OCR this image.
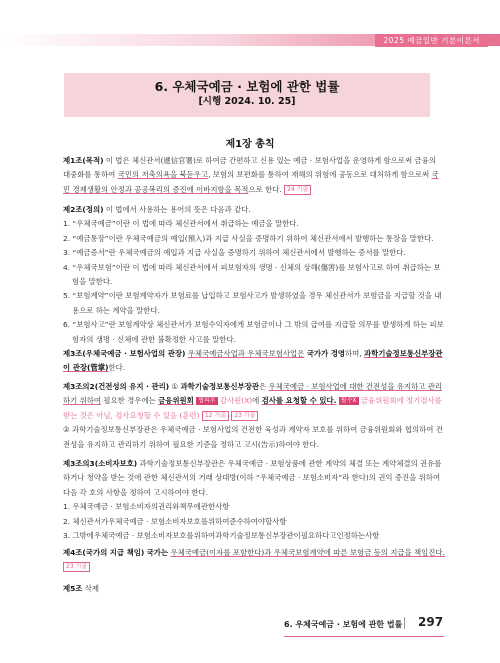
2025 예금일반 기본이론서
6. 우체국예금 · 보험에 관한 법률
[시행 2024. 10. 25]
제1장 총칙
제1조(목적) 이 법은 체신관서(遞信官署)로 하여금 간편하고 신용 있는 예금 · 보험사업을 운영하게 함으로써 금융의 대중화를 통하여 국민의 저축의욕을 북돋우고, 보험의 보편화를 통하여 재해의 위험에 공동으로 대처하게 함으로써 국민 경제생활의 안정과 공공복리의 증진에 이바지함을 목적으로 한다. 24 기출
제2조(정의) 이 법에서 사용하는 용어의 뜻은 다음과 같다.
1. “우체국예금”이란 이 법에 따라 체신관서에서 취급하는 예금을 말한다.
2. “예금통장”이란 우체국예금의 예입(預入)과 지급 사실을 증명하기 위하여 체신관서에서 발행하는 통장을 말한다.
3. “예금증서”란 우체국예금의 예입과 지급 사실을 증명하기 위하여 체신관서에서 발행하는 증서를 말한다.
4. “우체국보험”이란 이 법에 따라 체신관서에서 피보험자의 생명 · 신체의 상해(傷害)를 보험사고로 하여 취급하는 보험을 말한다.
5. “보험계약”이란 보험계약자가 보험료를 납입하고 보험사고가 발생하였을 경우 체신관서가 보험금을 지급할 것을 내용으로 하는 계약을 말한다.
6. “보험사고”란 보험계약상 체신관서가 보험수익자에게 보험금이나 그 밖의 급여를 지급할 의무를 발생하게 하는 피보험자의 생명 · 신체에 관한 불확정한 사고를 말한다.
제3조(우체국예금 · 보험사업의 관장) 우체국예금사업과 우체국보험사업은 국가가 경영하며, 과학기술정보통신부장관이 관장(管掌)한다.
제3조의2(건전성의 유지 · 관리) ① 과학기술정보통신부장관은 우체국예금 · 보험사업에 대한 건전성을 유지하고 관리하기 위하여 필요한 경우에는 금융위원회 협의후 감사원(X)에 검사를 요청할 수 있다. 필수X 금융위원회에 정기검사를 받는 것은 아님, 검사요청할 수 있음 (훈련) 12 기출 23 기출
② 과학기술정보통신부장관은 우체국예금 · 보험사업의 건전한 육성과 계약자 보호를 위하여 금융위원회와 협의하여 건전성을 유지하고 관리하기 위하여 필요한 기준을 정하고 고시(告示)하여야 한다.
제3조의3(소비자보호) 과학기술정보통신부장관은 우체국예금 · 보험상품에 관한 계약의 체결 또는 계약체결의 권유를 하거나 청약을 받는 것에 관한 체신관서의 거래 상대방(이하 “우체국예금 · 보험소비자”라 한다)의 권익 증진을 위하여 다음 각 호의 사항을 정하여 고시하여야 한다.
1. 우체국예금 · 보험소비자의권리와책무에관한사항
2. 체신관서가우체국예금 · 보험소비자보호를위하여준수하여야할사항
3. 그밖에우체국예금 · 보험소비자보호를위하여과학기술정보통신부장관이필요하다고인정하는사항
제4조(국가의 지급 책임) 국가는 우체국예금(이자를 포함한다)과 우체국보험계약에 따른 보험금 등의 지급을 책임진다. 23 기출
제5조 삭제
6. 우체국예금 · 보험에 관한 법률 297
